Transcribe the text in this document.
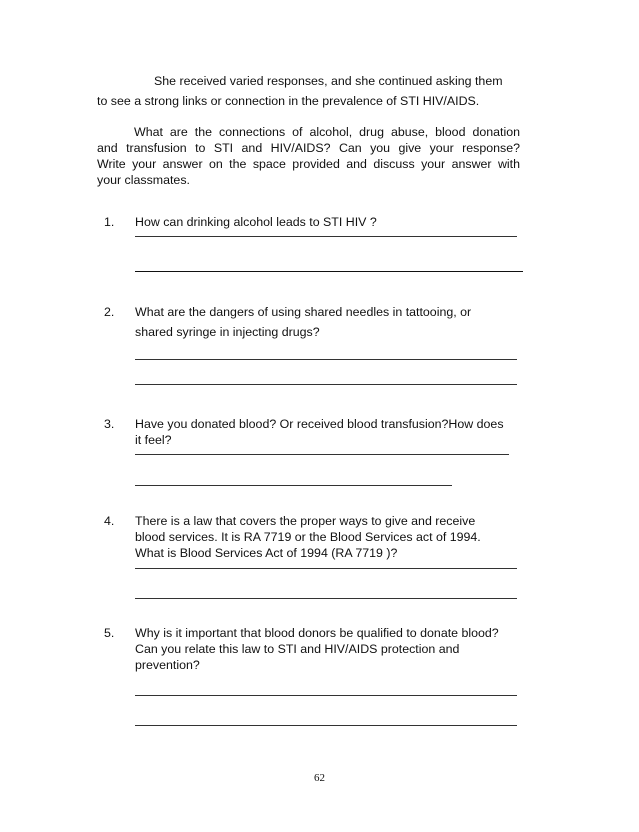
She received varied responses, and she continued asking them
to see a strong links or connection in the prevalence of STI HIV/AIDS.
What are the connections of alcohol, drug abuse, blood donation
and transfusion to STI and HIV/AIDS? Can you give your response?
Write your answer on the space provided and discuss your answer with
your classmates.
1. How can drinking alcohol leads to STI HIV ?
2. What are the dangers of using shared needles in tattooing, or
shared syringe in injecting drugs?
3. Have you donated blood? Or received blood transfusion?How does
it feel?
4. There is a law that covers the proper ways to give and receive
blood services. It is RA 7719 or the Blood Services act of 1994.
What is Blood Services Act of 1994 (RA 7719 )?
5. Why is it important that blood donors be qualified to donate blood?
Can you relate this law to STI and HIV/AIDS protection and
prevention?
62
